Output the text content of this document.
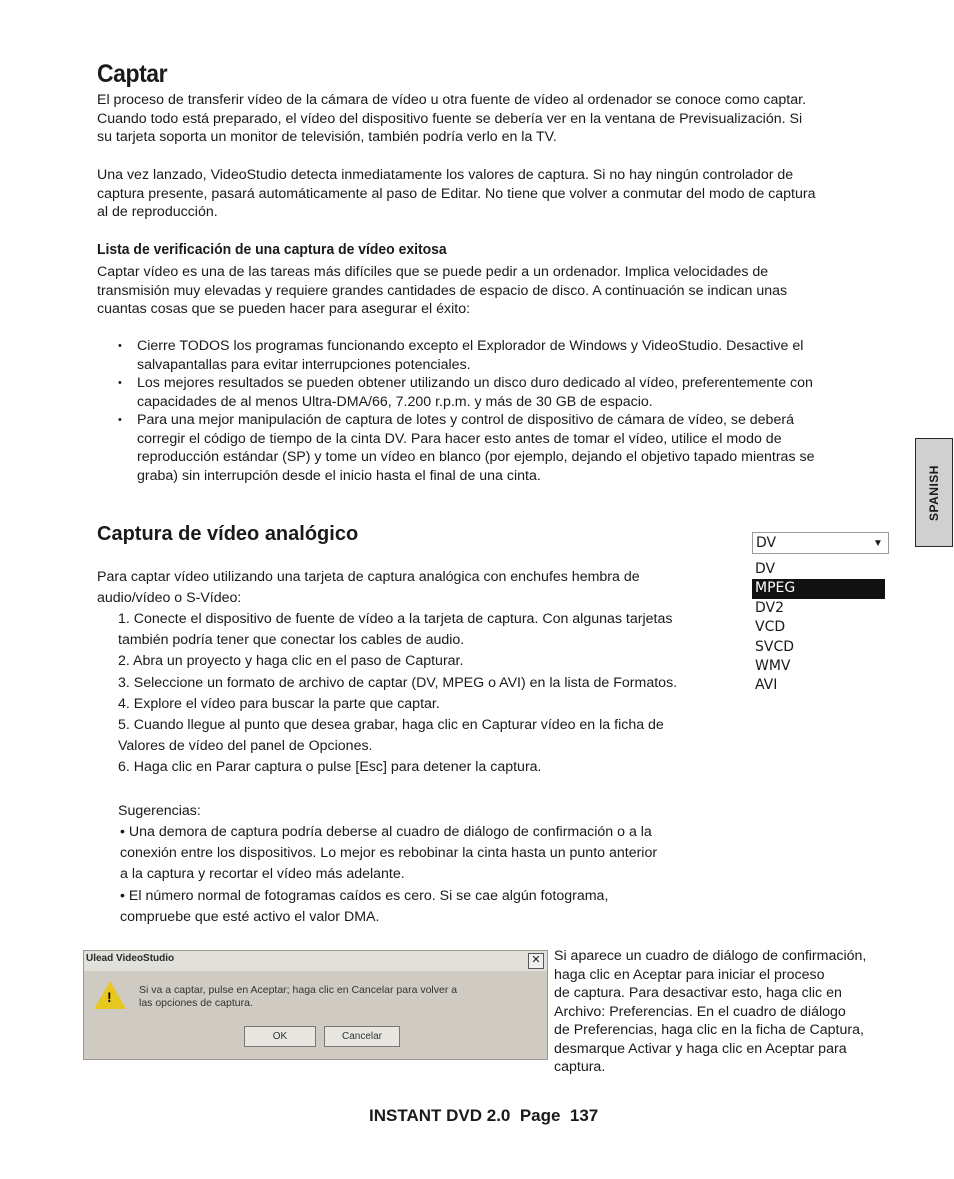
Captar
El proceso de transferir vídeo de la cámara de vídeo u otra fuente de vídeo al ordenador se conoce como captar.
Cuando todo está preparado, el vídeo del dispositivo fuente se debería ver en la ventana de Previsualización. Si
su tarjeta soporta un monitor de televisión, también podría verlo en la TV.
Una vez lanzado, VideoStudio detecta inmediatamente los valores de captura. Si no hay ningún controlador de
captura presente, pasará automáticamente al paso de Editar. No tiene que volver a conmutar del modo de captura
al de reproducción.
Lista de verificación de una captura de vídeo exitosa
Captar vídeo es una de las tareas más difíciles que se puede pedir a un ordenador. Implica velocidades de
transmisión muy elevadas y requiere grandes cantidades de espacio de disco. A continuación se indican unas
cuantas cosas que se pueden hacer para asegurar el éxito:
• Cierre TODOS los programas funcionando excepto el Explorador de Windows y VideoStudio. Desactive el
salvapantallas para evitar interrupciones potenciales.
• Los mejores resultados se pueden obtener utilizando un disco duro dedicado al vídeo, preferentemente con
capacidades de al menos Ultra-DMA/66, 7.200 r.p.m. y más de 30 GB de espacio.
• Para una mejor manipulación de captura de lotes y control de dispositivo de cámara de vídeo, se deberá
corregir el código de tiempo de la cinta DV. Para hacer esto antes de tomar el vídeo, utilice el modo de
reproducción estándar (SP) y tome un vídeo en blanco (por ejemplo, dejando el objetivo tapado mientras se
graba) sin interrupción desde el inicio hasta el final de una cinta.
Captura de vídeo analógico
Para captar vídeo utilizando una tarjeta de captura analógica con enchufes hembra de
audio/vídeo o S-Vídeo:
1. Conecte el dispositivo de fuente de vídeo a la tarjeta de captura. Con algunas tarjetas
también podría tener que conectar los cables de audio.
2. Abra un proyecto y haga clic en el paso de Capturar.
3. Seleccione un formato de archivo de captar (DV, MPEG o AVI) en la lista de Formatos.
4. Explore el vídeo para buscar la parte que captar.
5. Cuando llegue al punto que desea grabar, haga clic en Capturar vídeo en la ficha de
Valores de vídeo del panel de Opciones.
6. Haga clic en Parar captura o pulse [Esc] para detener la captura.
Sugerencias:
• Una demora de captura podría deberse al cuadro de diálogo de confirmación o a la
conexión entre los dispositivos. Lo mejor es rebobinar la cinta hasta un punto anterior
a la captura y recortar el vídeo más adelante.
• El número normal de fotogramas caídos es cero. Si se cae algún fotograma,
compruebe que esté activo el valor DMA.
DV	▼
DV
MPEG
DV2
VCD
SVCD
WMV
AVI
Ulead VideoStudio	✕
!	Si va a captar, pulse en Aceptar; haga clic en Cancelar para volver a
las opciones de captura.
OK	Cancelar
Si aparece un cuadro de diálogo de confirmación,
haga clic en Aceptar para iniciar el proceso
de captura. Para desactivar esto, haga clic en
Archivo: Preferencias. En el cuadro de diálogo
de Preferencias, haga clic en la ficha de Captura,
desmarque Activar y haga clic en Aceptar para
captura.
SPANISH
INSTANT DVD 2.0  Page  137
